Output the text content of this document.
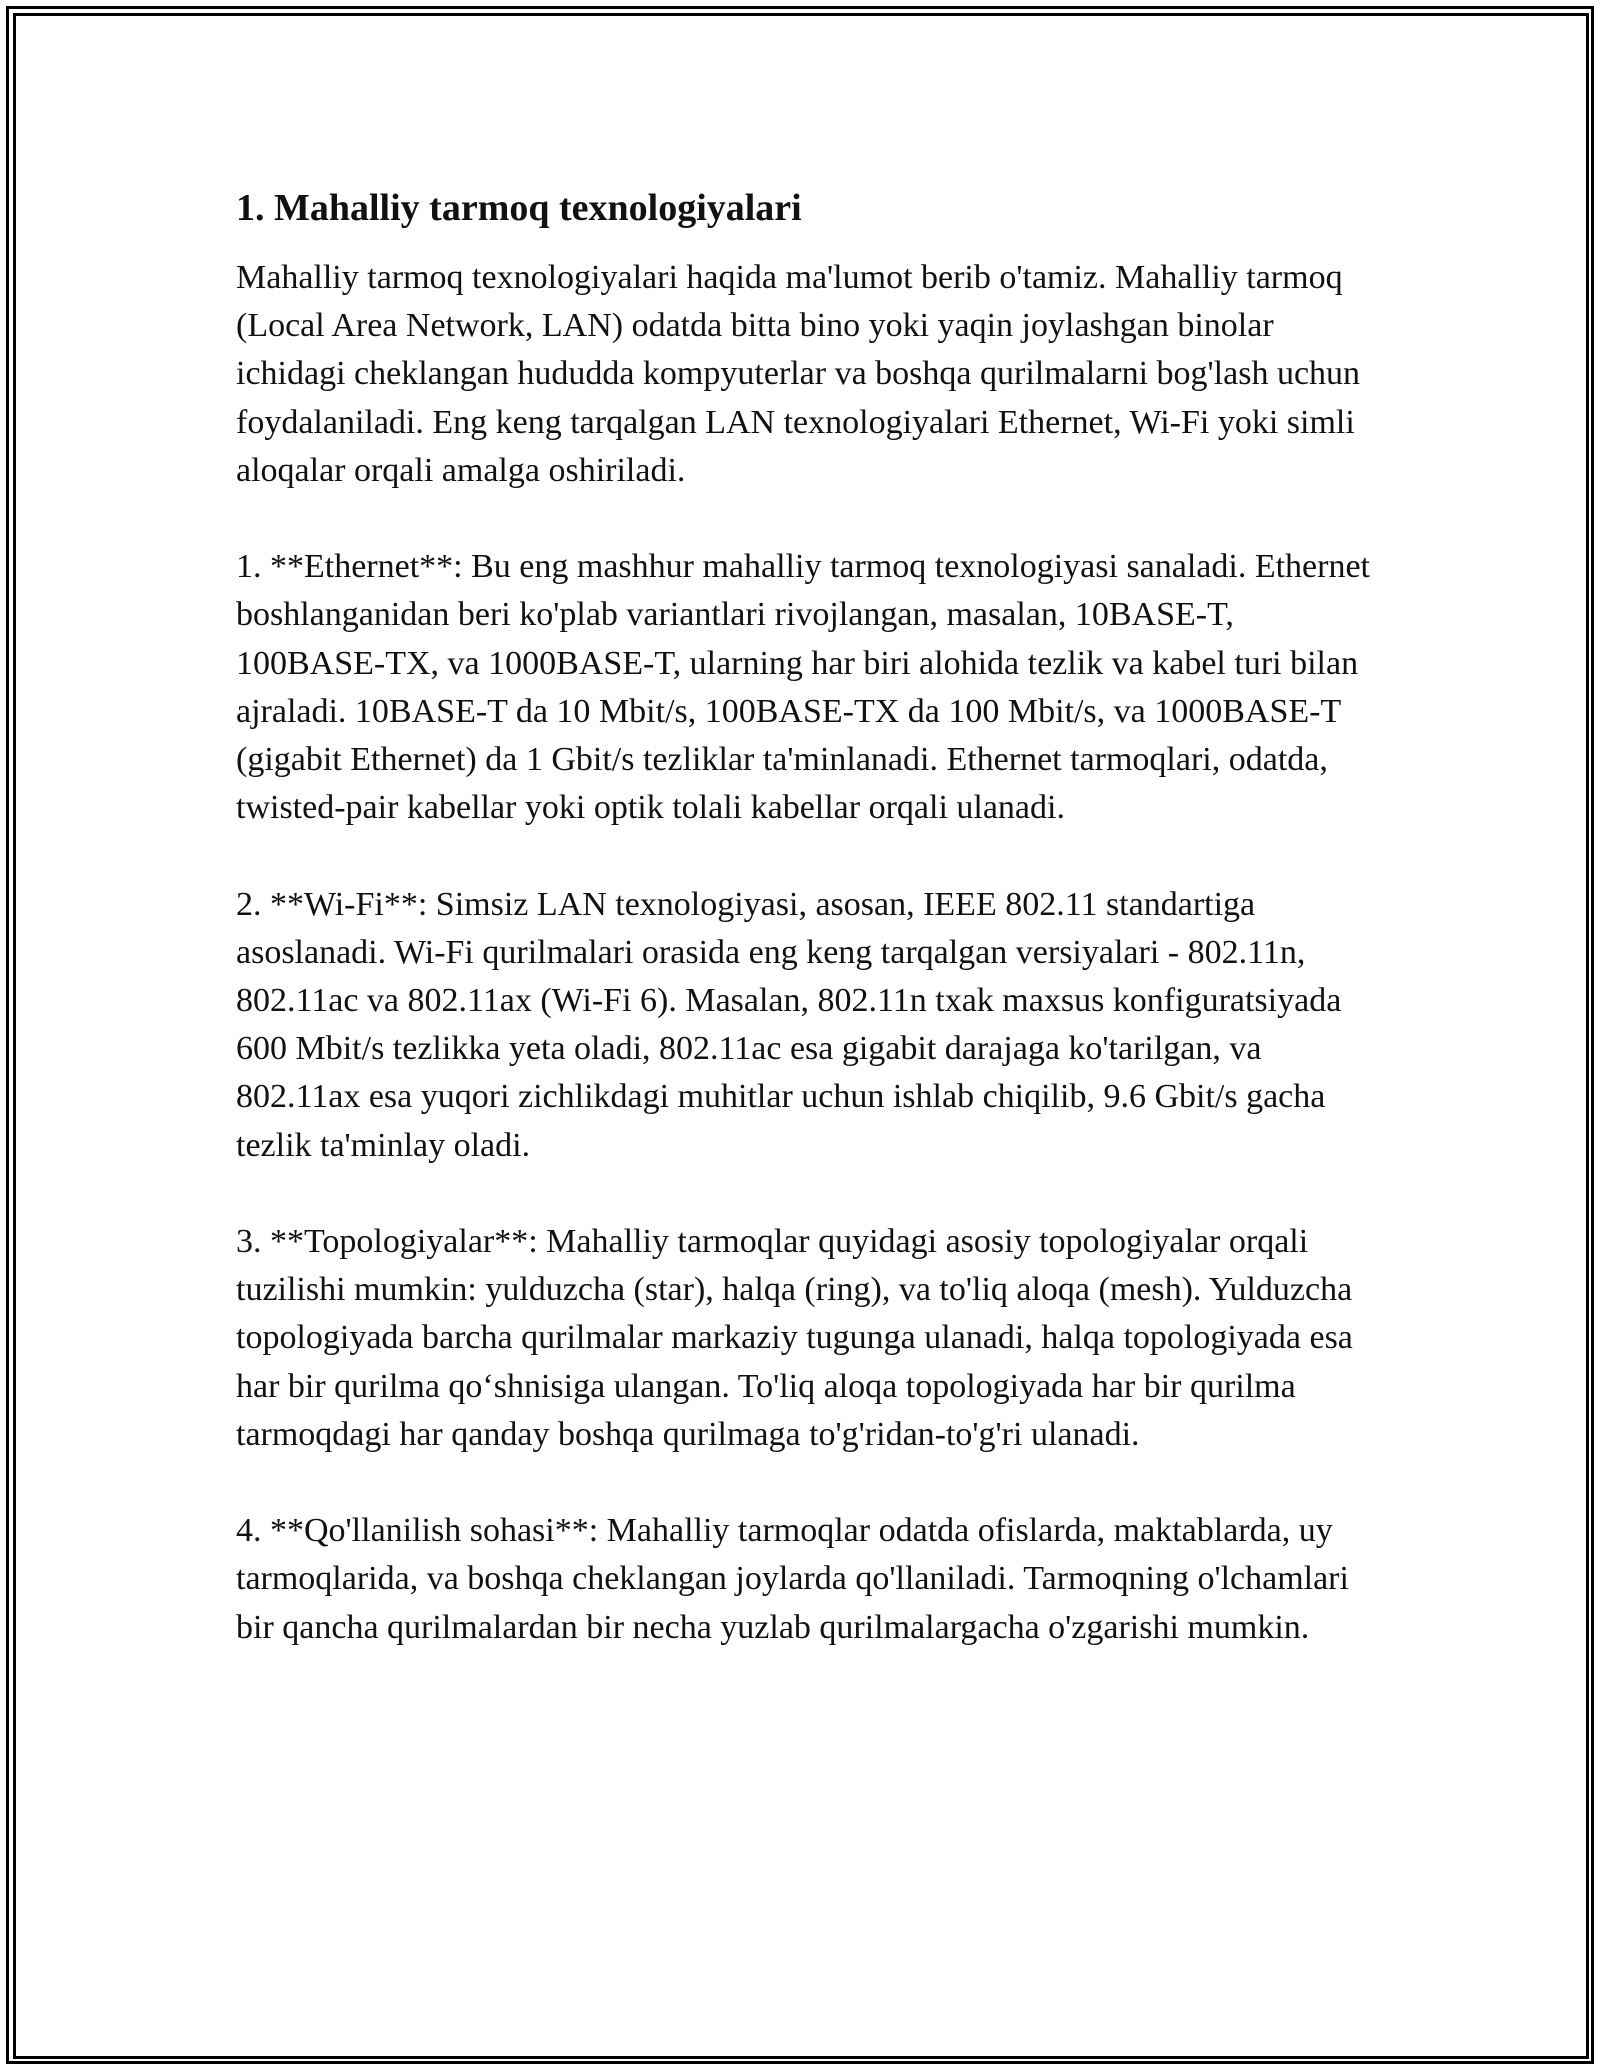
1. Mahalliy tarmoq texnologiyalari

Mahalliy tarmoq texnologiyalari haqida ma'lumot berib o'tamiz. Mahalliy tarmoq (Local Area Network, LAN) odatda bitta bino yoki yaqin joylashgan binolar ichidagi cheklangan hududda kompyuterlar va boshqa qurilmalarni bog'lash uchun foydalaniladi. Eng keng tarqalgan LAN texnologiyalari Ethernet, Wi-Fi yoki simli aloqalar orqali amalga oshiriladi.

1. **Ethernet**: Bu eng mashhur mahalliy tarmoq texnologiyasi sanaladi. Ethernet boshlanganidan beri ko'plab variantlari rivojlangan, masalan, 10BASE-T, 100BASE-TX, va 1000BASE-T, ularning har biri alohida tezlik va kabel turi bilan ajraladi. 10BASE-T da 10 Mbit/s, 100BASE-TX da 100 Mbit/s, va 1000BASE-T (gigabit Ethernet) da 1 Gbit/s tezliklar ta'minlanadi. Ethernet tarmoqlari, odatda, twisted-pair kabellar yoki optik tolali kabellar orqali ulanadi.

2. **Wi-Fi**: Simsiz LAN texnologiyasi, asosan, IEEE 802.11 standartiga asoslanadi. Wi-Fi qurilmalari orasida eng keng tarqalgan versiyalari - 802.11n, 802.11ac va 802.11ax (Wi-Fi 6). Masalan, 802.11n txak maxsus konfiguratsiyada 600 Mbit/s tezlikka yeta oladi, 802.11ac esa gigabit darajaga ko'tarilgan, va 802.11ax esa yuqori zichlikdagi muhitlar uchun ishlab chiqilib, 9.6 Gbit/s gacha tezlik ta'minlay oladi.

3. **Topologiyalar**: Mahalliy tarmoqlar quyidagi asosiy topologiyalar orqali tuzilishi mumkin: yulduzcha (star), halqa (ring), va to'liq aloqa (mesh). Yulduzcha topologiyada barcha qurilmalar markaziy tugunga ulanadi, halqa topologiyada esa har bir qurilma qo‘shnisiga ulangan. To'liq aloqa topologiyada har bir qurilma tarmoqdagi har qanday boshqa qurilmaga to'g'ridan-to'g'ri ulanadi.

4. **Qo'llanilish sohasi**: Mahalliy tarmoqlar odatda ofislarda, maktablarda, uy tarmoqlarida, va boshqa cheklangan joylarda qo'llaniladi. Tarmoqning o'lchamlari bir qancha qurilmalardan bir necha yuzlab qurilmalargacha o'zgarishi mumkin.
